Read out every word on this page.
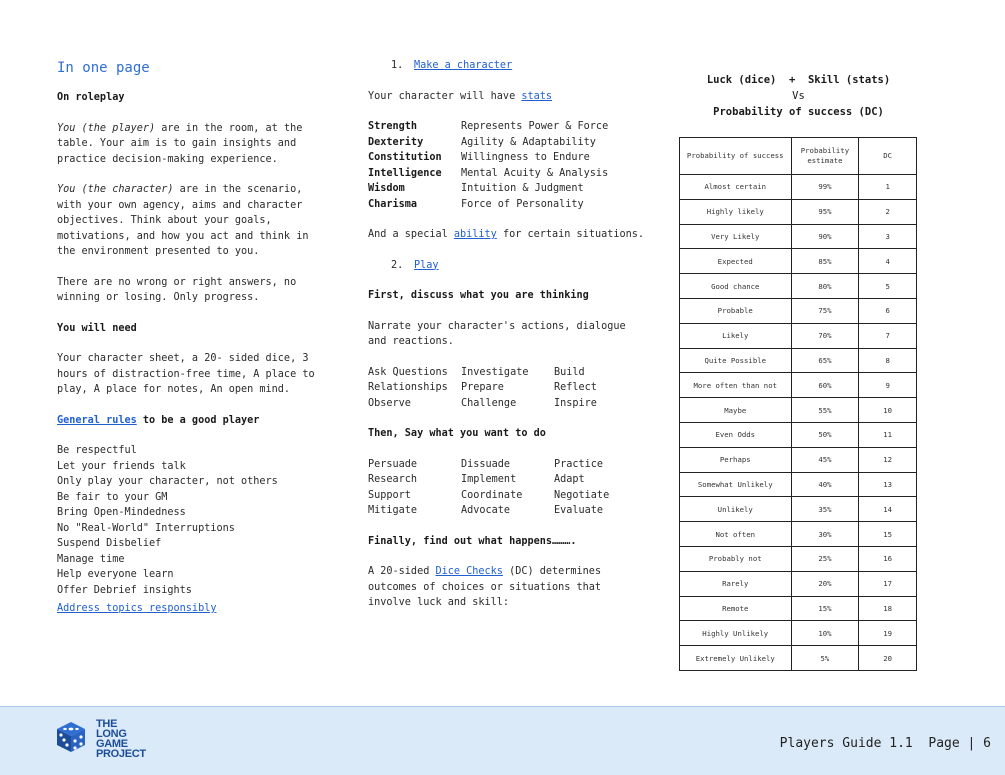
In one page

On roleplay

You (the player) are in the room, at the table. Your aim is to gain insights and practice decision-making experience.

You (the character) are in the scenario, with your own agency, aims and character objectives. Think about your goals, motivations, and how you act and think in the environment presented to you.

There are no wrong or right answers, no winning or losing. Only progress.

You will need

Your character sheet, a 20- sided dice, 3 hours of distraction-free time, A place to play, A place for notes, An open mind.

General rules to be a good player

Be respectful
Let your friends talk
Only play your character, not others
Be fair to your GM
Bring Open-Mindedness
No "Real-World" Interruptions
Suspend Disbelief
Manage time
Help everyone learn
Offer Debrief insights
Address topics responsibly
1. Make a character

Your character will have stats

Strength	Represents Power & Force
Dexterity	Agility & Adaptability
Constitution	Willingness to Endure
Intelligence	Mental Acuity & Analysis
Wisdom	Intuition & Judgment
Charisma	Force of Personality

And a special ability for certain situations.

2. Play

First, discuss what you are thinking

Narrate your character's actions, dialogue and reactions.

Ask Questions	Investigate	Build
Relationships	Prepare	Reflect
Observe	Challenge	Inspire

Then, Say what you want to do

Persuade	Dissuade	Practice
Research	Implement	Adapt
Support	Coordinate	Negotiate
Mitigate	Advocate	Evaluate

Finally, find out what happens……….

A 20-sided Dice Checks (DC) determines outcomes of choices or situations that involve luck and skill:

Luck (dice)  +  Skill (stats)
Vs
Probability of success (DC)
Probability of success	Probability estimate	DC
Almost certain	99%	1
Highly likely	95%	2
Very Likely	90%	3
Expected	85%	4
Good chance	80%	5
Probable	75%	6
Likely	70%	7
Quite Possible	65%	8
More often than not	60%	9
Maybe	55%	10
Even Odds	50%	11
Perhaps	45%	12
Somewhat Unlikely	40%	13
Unlikely	35%	14
Not often	30%	15
Probably not	25%	16
Rarely	20%	17
Remote	15%	18
Highly Unlikely	10%	19
Extremely Unlikely	5%	20
THE
LONG
GAME
PROJECT
Players Guide 1.1  Page | 6
